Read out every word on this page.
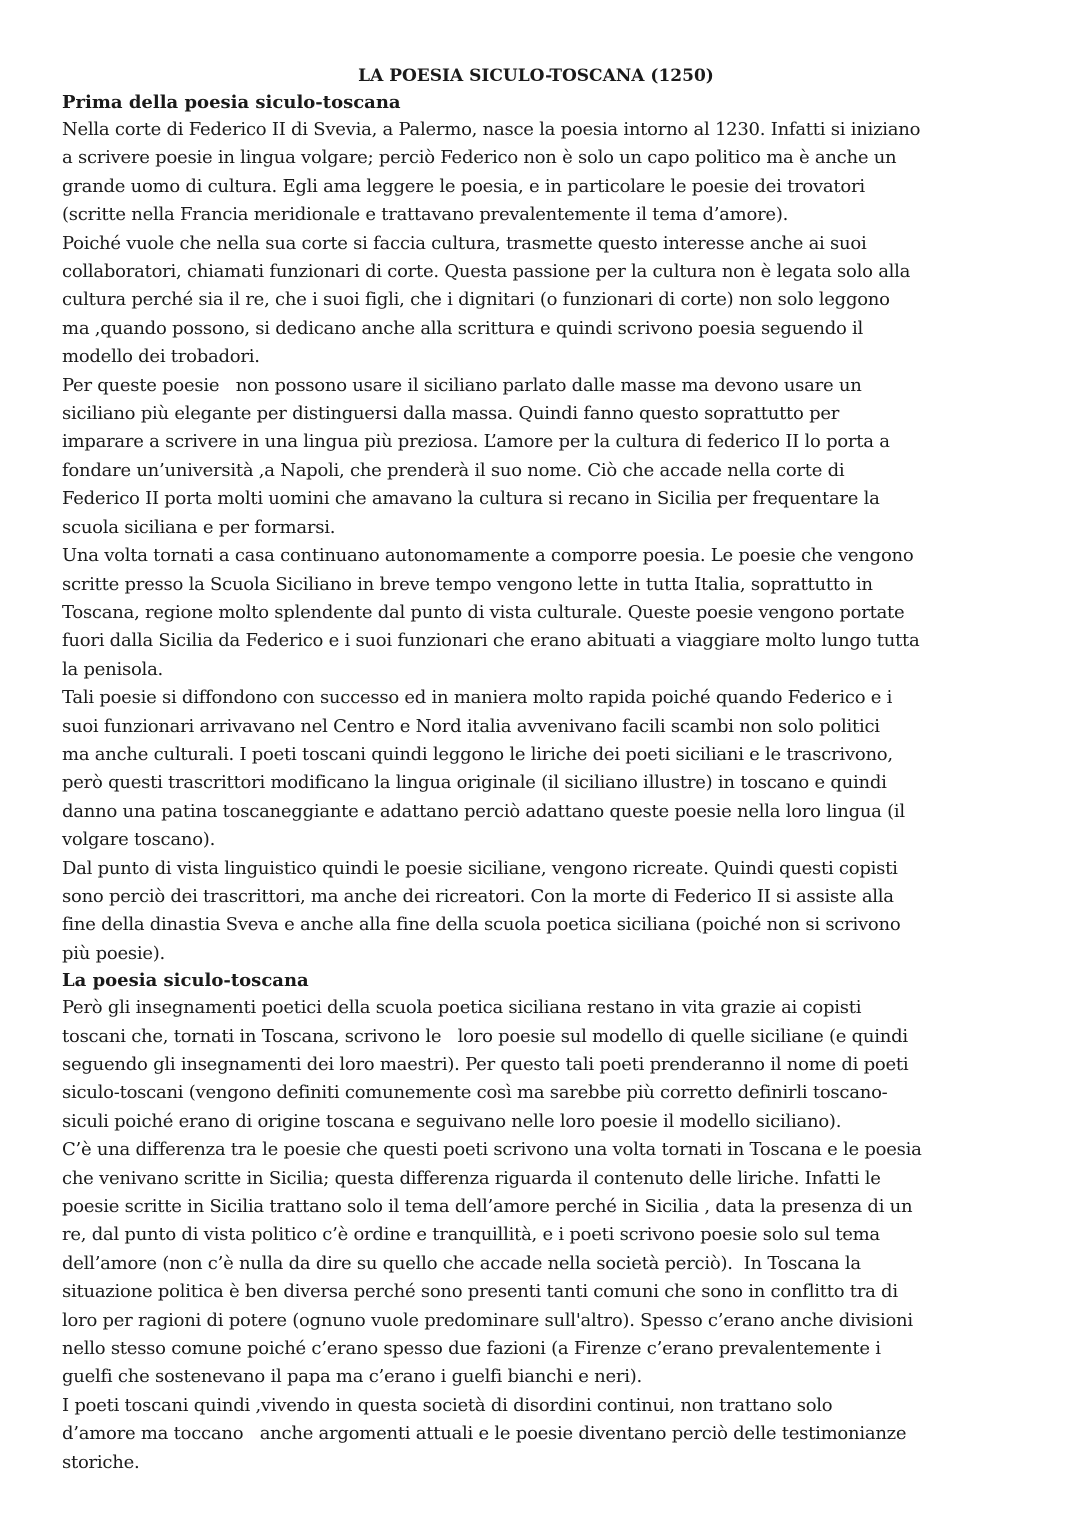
LA POESIA SICULO-TOSCANA (1250)
Prima della poesia siculo-toscana

Nella corte di Federico II di Svevia, a Palermo, nasce la poesia intorno al 1230. Infatti si iniziano
a scrivere poesie in lingua volgare; perciò Federico non è solo un capo politico ma è anche un
grande uomo di cultura. Egli ama leggere le poesia, e in particolare le poesie dei trovatori
(scritte nella Francia meridionale e trattavano prevalentemente il tema d’amore).

Poiché vuole che nella sua corte si faccia cultura, trasmette questo interesse anche ai suoi
collaboratori, chiamati funzionari di corte. Questa passione per la cultura non è legata solo alla
cultura perché sia il re, che i suoi figli, che i dignitari (o funzionari di corte) non solo leggono
ma ,quando possono, si dedicano anche alla scrittura e quindi scrivono poesia seguendo il
modello dei trobadori.

Per queste poesie   non possono usare il siciliano parlato dalle masse ma devono usare un
siciliano più elegante per distinguersi dalla massa. Quindi fanno questo soprattutto per
imparare a scrivere in una lingua più preziosa. L’amore per la cultura di federico II lo porta a
fondare un’università ,a Napoli, che prenderà il suo nome. Ciò che accade nella corte di
Federico II porta molti uomini che amavano la cultura si recano in Sicilia per frequentare la
scuola siciliana e per formarsi.

Una volta tornati a casa continuano autonomamente a comporre poesia. Le poesie che vengono
scritte presso la Scuola Siciliano in breve tempo vengono lette in tutta Italia, soprattutto in
Toscana, regione molto splendente dal punto di vista culturale. Queste poesie vengono portate
fuori dalla Sicilia da Federico e i suoi funzionari che erano abituati a viaggiare molto lungo tutta
la penisola.

Tali poesie si diffondono con successo ed in maniera molto rapida poiché quando Federico e i
suoi funzionari arrivavano nel Centro e Nord italia avvenivano facili scambi non solo politici
ma anche culturali. I poeti toscani quindi leggono le liriche dei poeti siciliani e le trascrivono,
però questi trascrittori modificano la lingua originale (il siciliano illustre) in toscano e quindi
danno una patina toscaneggiante e adattano perciò adattano queste poesie nella loro lingua (il
volgare toscano).

Dal punto di vista linguistico quindi le poesie siciliane, vengono ricreate. Quindi questi copisti
sono perciò dei trascrittori, ma anche dei ricreatori. Con la morte di Federico II si assiste alla
fine della dinastia Sveva e anche alla fine della scuola poetica siciliana (poiché non si scrivono
più poesie).

La poesia siculo-toscana

Però gli insegnamenti poetici della scuola poetica siciliana restano in vita grazie ai copisti
toscani che, tornati in Toscana, scrivono le   loro poesie sul modello di quelle siciliane (e quindi
seguendo gli insegnamenti dei loro maestri). Per questo tali poeti prenderanno il nome di poeti
siculo-toscani (vengono definiti comunemente così ma sarebbe più corretto definirli toscano-
siculi poiché erano di origine toscana e seguivano nelle loro poesie il modello siciliano).

C’è una differenza tra le poesie che questi poeti scrivono una volta tornati in Toscana e le poesia
che venivano scritte in Sicilia; questa differenza riguarda il contenuto delle liriche. Infatti le
poesie scritte in Sicilia trattano solo il tema dell’amore perché in Sicilia , data la presenza di un
re, dal punto di vista politico c’è ordine e tranquillità, e i poeti scrivono poesie solo sul tema
dell’amore (non c’è nulla da dire su quello che accade nella società perciò).  In Toscana la
situazione politica è ben diversa perché sono presenti tanti comuni che sono in conflitto tra di
loro per ragioni di potere (ognuno vuole predominare sull'altro). Spesso c’erano anche divisioni
nello stesso comune poiché c’erano spesso due fazioni (a Firenze c’erano prevalentemente i
guelfi che sostenevano il papa ma c’erano i guelfi bianchi e neri).

I poeti toscani quindi ,vivendo in questa società di disordini continui, non trattano solo
d’amore ma toccano   anche argomenti attuali e le poesie diventano perciò delle testimonianze
storiche.
